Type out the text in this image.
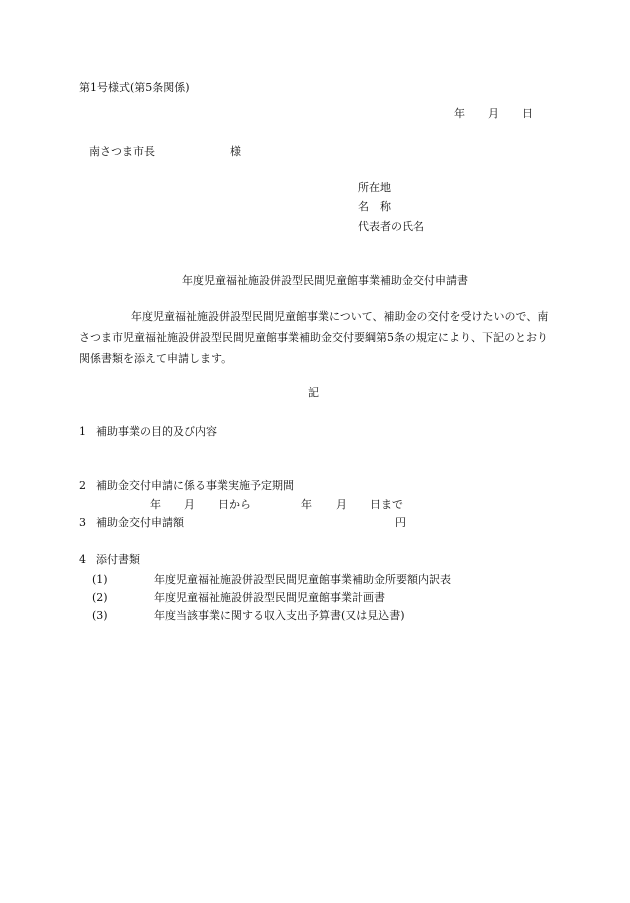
第1号様式(第5条関係)
年 月 日
南さつま市長	様
所在地
名　称
代表者の氏名
年度児童福祉施設併設型民間児童館事業補助金交付申請書
年度児童福祉施設併設型民間児童館事業について、補助金の交付を受けたいので、南さつま市児童福祉施設併設型民間児童館事業補助金交付要綱第5条の規定により、下記のとおり関係書類を添えて申請します。
記
1 補助事業の目的及び内容
2 補助金交付申請に係る事業実施予定期間
年 月 日から	年 月 日まで
3 補助金交付申請額	円
4 添付書類
(1)	年度児童福祉施設併設型民間児童館事業補助金所要額内訳表
(2)	年度児童福祉施設併設型民間児童館事業計画書
(3)	年度当該事業に関する収入支出予算書(又は見込書)
